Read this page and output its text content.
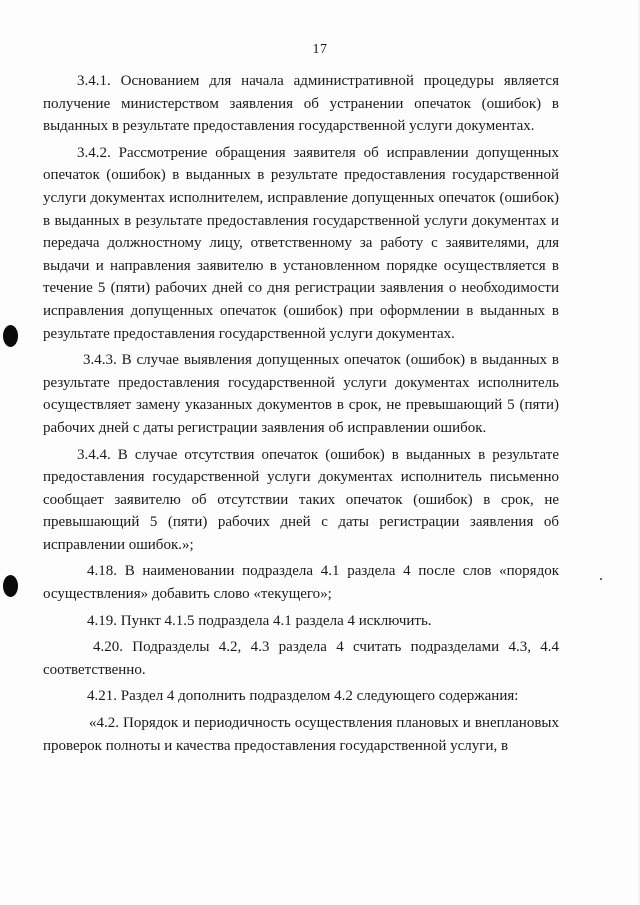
17

3.4.1. Основанием для начала административной процедуры является получение министерством заявления об устранении опечаток (ошибок) в выданных в результате предоставления государственной услуги документах.

3.4.2. Рассмотрение обращения заявителя об исправлении допущенных опечаток (ошибок) в выданных в результате предоставления государственной услуги документах исполнителем, исправление допущенных опечаток (ошибок) в выданных в результате предоставления государственной услуги документах и передача должностному лицу, ответственному за работу с заявителями, для выдачи и направления заявителю в установленном порядке осуществляется в течение 5 (пяти) рабочих дней со дня регистрации заявления о необходимости исправления допущенных опечаток (ошибок) при оформлении в выданных в результате предоставления государственной услуги документах.

3.4.3. В случае выявления допущенных опечаток (ошибок) в выданных в результате предоставления государственной услуги документах исполнитель осуществляет замену указанных документов в срок, не превышающий 5 (пяти) рабочих дней с даты регистрации заявления об исправлении ошибок.

3.4.4. В случае отсутствия опечаток (ошибок) в выданных в результате предоставления государственной услуги документах исполнитель письменно сообщает заявителю об отсутствии таких опечаток (ошибок) в срок, не превышающий 5 (пяти) рабочих дней с даты регистрации заявления об исправлении ошибок.»;

4.18. В наименовании подраздела 4.1 раздела 4 после слов «порядок осуществления» добавить слово «текущего»;

4.19. Пункт 4.1.5 подраздела 4.1 раздела 4 исключить.

4.20. Подразделы 4.2, 4.3 раздела 4 считать подразделами 4.3, 4.4 соответственно.

4.21. Раздел 4 дополнить подразделом 4.2 следующего содержания:

«4.2. Порядок и периодичность осуществления плановых и внеплановых проверок полноты и качества предоставления государственной услуги, в
